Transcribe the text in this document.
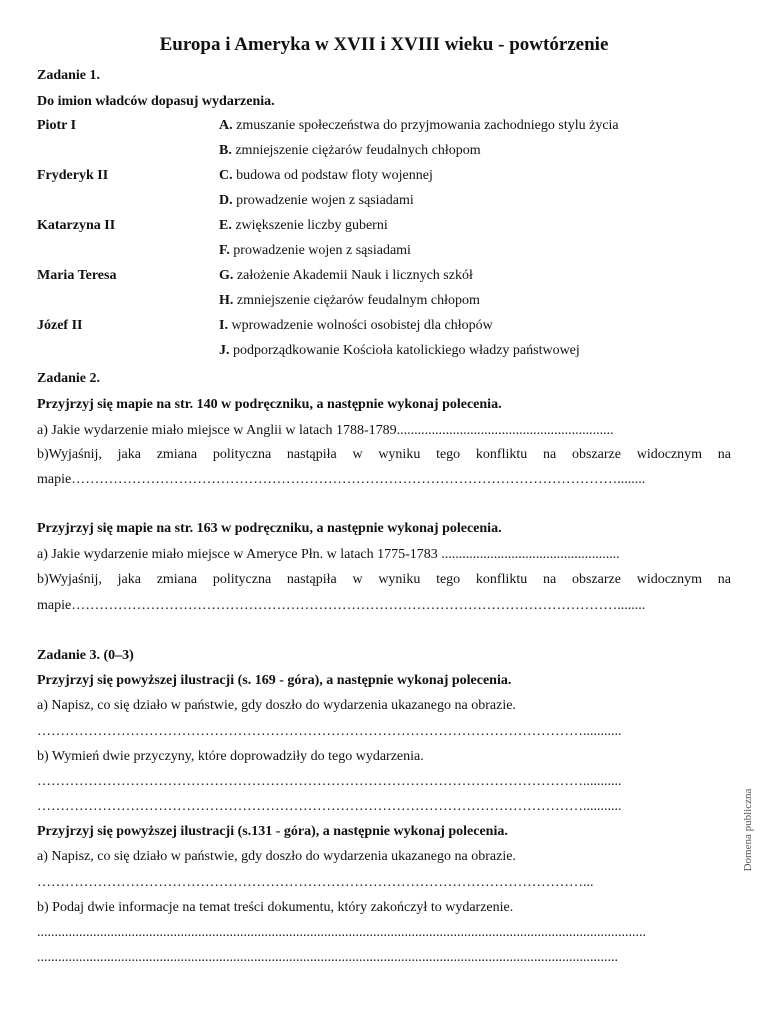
Europa i Ameryka w XVII i XVIII wieku - powtórzenie
Zadanie 1.
Do imion władców dopasuj wydarzenia.
Piotr I
Fryderyk II
Katarzyna II
Maria Teresa
Józef II
A. zmuszanie społeczeństwa do przyjmowania zachodniego stylu życia
B. zmniejszenie ciężarów feudalnych chłopom
C. budowa od podstaw floty wojennej
D. prowadzenie wojen z sąsiadami
E. zwiększenie liczby guberni
F. prowadzenie wojen z sąsiadami
G. założenie Akademii Nauk i licznych szkół
H. zmniejszenie ciężarów feudalnym chłopom
I. wprowadzenie wolności osobistej dla chłopów
J. podporządkowanie Kościoła katolickiego władzy państwowej
Zadanie 2.
Przyjrzyj się mapie na str. 140 w podręczniku, a następnie wykonaj polecenia.
a) Jakie wydarzenie miało miejsce w Anglii w latach 1788-1789..............................................................
b)Wyjaśnij, jaka zmiana polityczna nastąpiła w wyniku tego konfliktu na obszarze widocznym na
mapie………………………………………………………………………………………………………........
Przyjrzyj się mapie na str. 163 w podręczniku, a następnie wykonaj polecenia.
a) Jakie wydarzenie miało miejsce w Ameryce Płn. w latach 1775-1783 ...................................................
b)Wyjaśnij, jaka zmiana polityczna nastąpiła w wyniku tego konfliktu na obszarze widocznym na
mapie………………………………………………………………………………………………………........
Zadanie 3. (0–3)
Przyjrzyj się powyższej ilustracji (s. 169 - góra), a następnie wykonaj polecenia.
a) Napisz, co się działo w państwie, gdy doszło do wydarzenia ukazanego na obrazie.
………………………………………………………………………………………………………...........
b) Wymień dwie przyczyny, które doprowadziły do tego wydarzenia.
………………………………………………………………………………………………………...........
………………………………………………………………………………………………………...........
Przyjrzyj się powyższej ilustracji (s.131 - góra), a następnie wykonaj polecenia.
a) Napisz, co się działo w państwie, gdy doszło do wydarzenia ukazanego na obrazie.
………………………………………………………………………………………………………...
b) Podaj dwie informacje na temat treści dokumentu, który zakończył to wydarzenie.
..............................................................................................................................................................................
......................................................................................................................................................................
Domena publiczna
